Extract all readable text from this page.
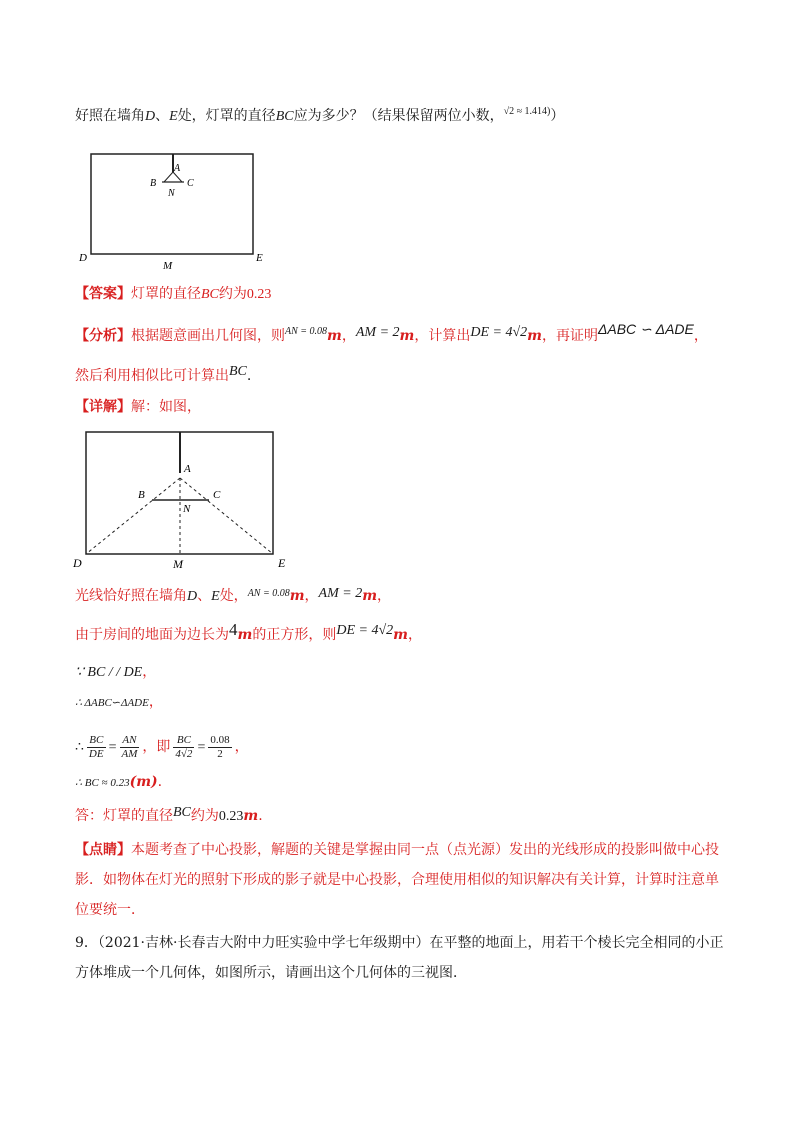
好照在墙角D、E处，灯罩的直径BC应为多少？（结果保留两位小数，$^{√2 \approx 1.414)}$）
A
B	C
N
D	E
M
【答案】灯罩的直径BC约为0.23
【分析】根据题意画出几何图，则$^{AN = 0.08}$m，AM = 2m，计算出DE = 4√2m，再证明ΔABC ∽ ΔADE，
然后利用相似比可计算出BC.
【详解】解：如图，
A
B	C
N
D	E
M
光线恰好照在墙角D、E处，$^{AN = 0.08}$m，AM = 2m，
由于房间的地面为边长为4m的正方形，则DE = 4√2m，
∵ BC / / DE，
∴ ΔABC∽ΔADE，
∴ $\frac{BC}{DE} = \frac{AN}{AM}$ ，即 $\frac{BC}{4√2} = \frac{0.08}{2}$ ，
∴ BC ≈ 0.23(m).
答：灯罩的直径BC约为0.23m.
【点睛】本题考查了中心投影，解题的关键是掌握由同一点（点光源）发出的光线形成的投影叫做中心投影．如物体在灯光的照射下形成的影子就是中心投影，合理使用相似的知识解决有关计算，计算时注意单位要统一．
9．（2021·吉林·长春吉大附中力旺实验中学七年级期中）在平整的地面上，用若干个棱长完全相同的小正方体堆成一个几何体，如图所示，请画出这个几何体的三视图．
